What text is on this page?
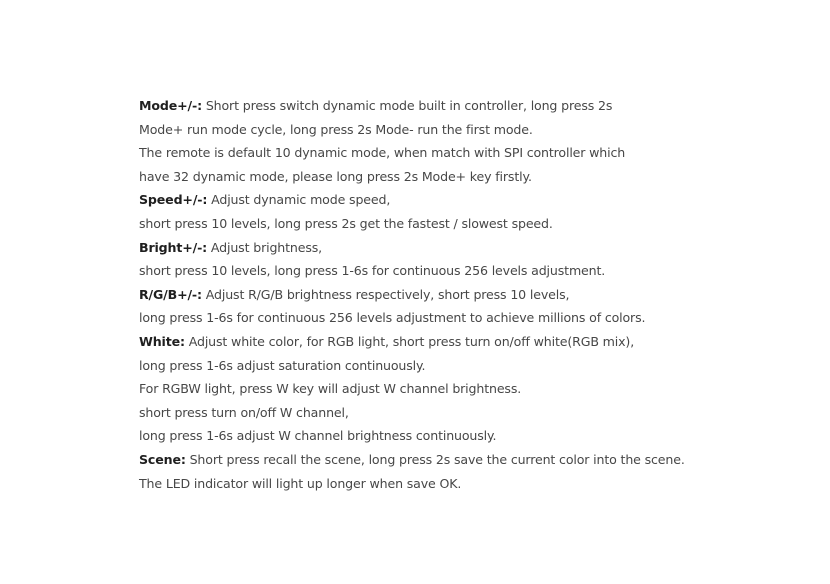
Mode+/-: Short press switch dynamic mode built in controller, long press 2s
Mode+ run mode cycle, long press 2s Mode- run the first mode.
The remote is default 10 dynamic mode, when match with SPI controller which
have 32 dynamic mode, please long press 2s Mode+ key firstly.
Speed+/-: Adjust dynamic mode speed,
short press 10 levels, long press 2s get the fastest / slowest speed.
Bright+/-: Adjust brightness,
short press 10 levels, long press 1-6s for continuous 256 levels adjustment.
R/G/B+/-: Adjust R/G/B brightness respectively, short press 10 levels,
long press 1-6s for continuous 256 levels adjustment to achieve millions of colors.
White: Adjust white color, for RGB light, short press turn on/off white(RGB mix),
long press 1-6s adjust saturation continuously.
For RGBW light, press W key will adjust W channel brightness.
short press turn on/off W channel,
long press 1-6s adjust W channel brightness continuously.
Scene: Short press recall the scene, long press 2s save the current color into the scene.
The LED indicator will light up longer when save OK.
